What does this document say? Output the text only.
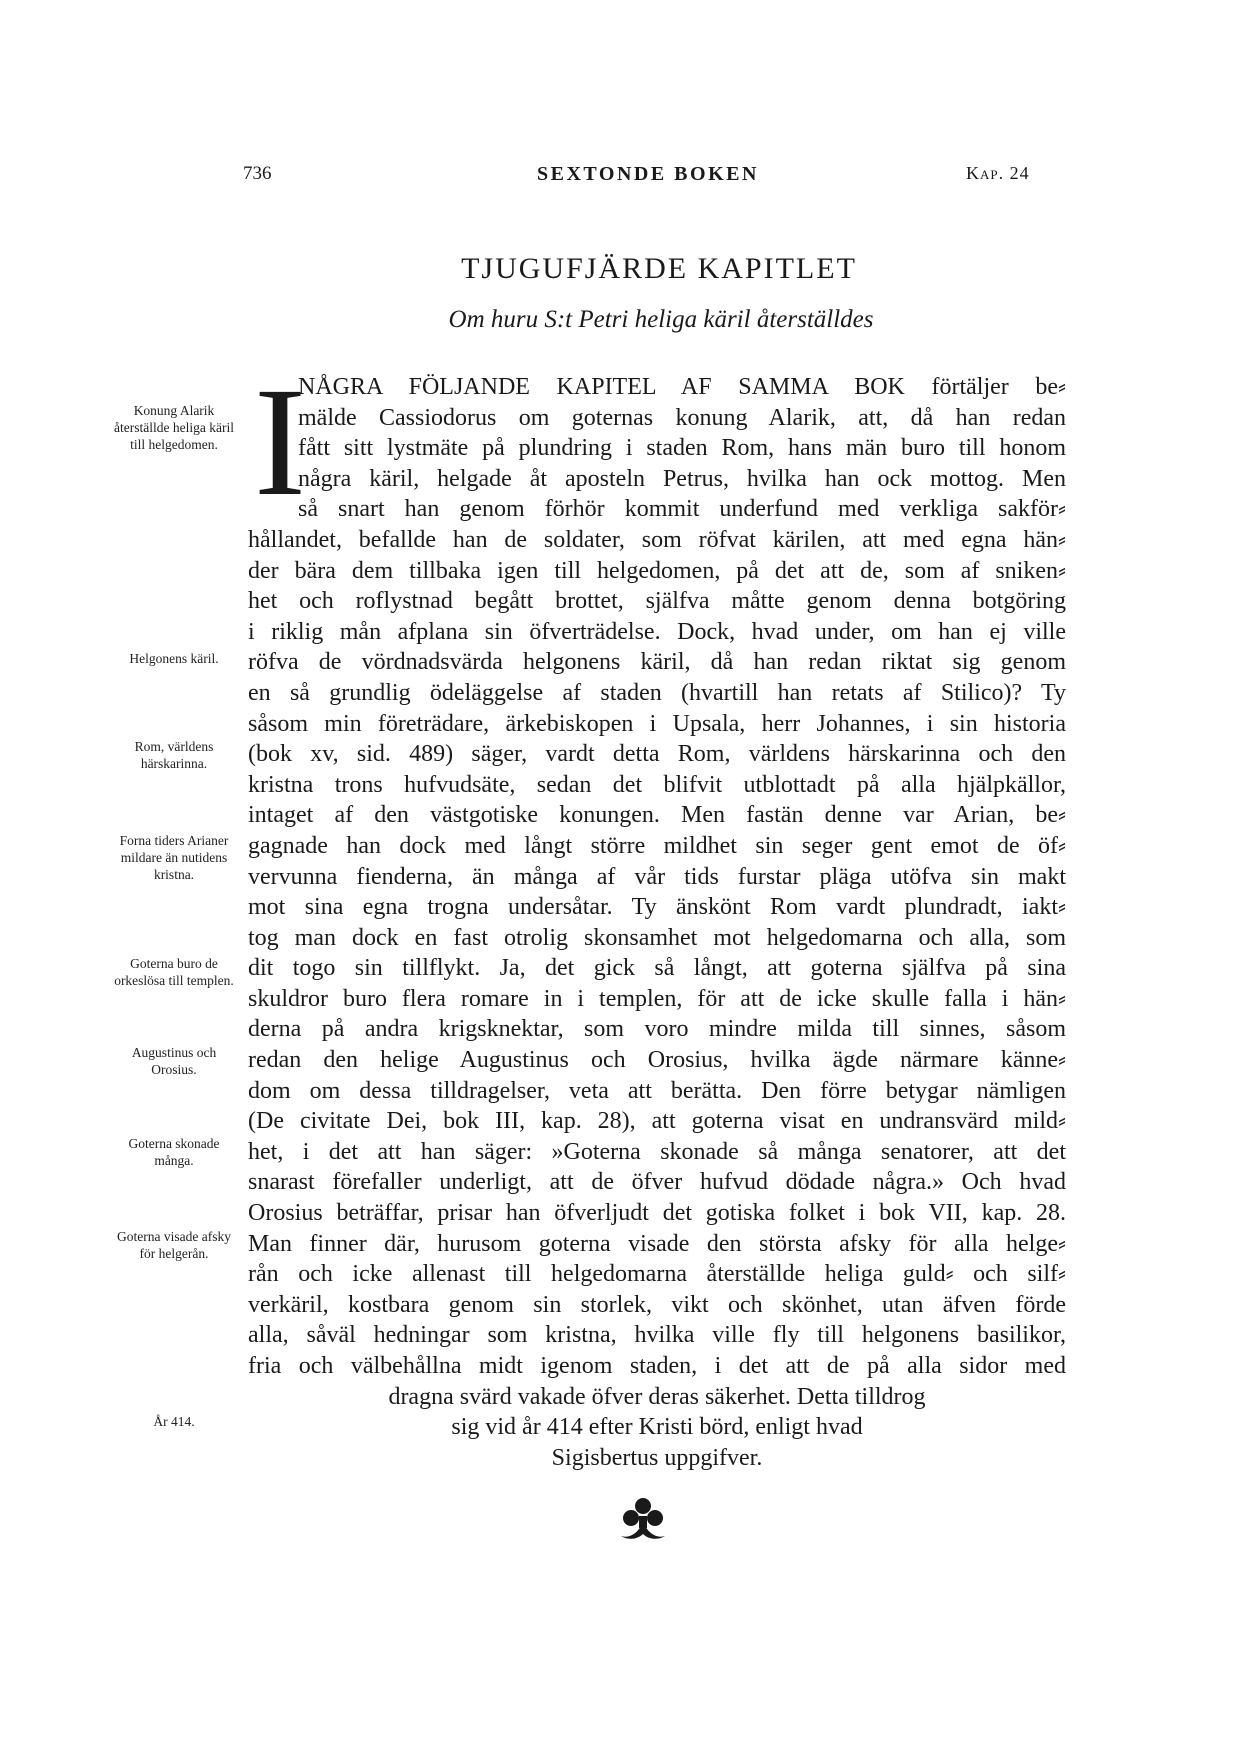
736	SEXTONDE BOKEN	Kap. 24
TJUGUFJÄRDE KAPITLET
Om huru S:t Petri heliga käril återställdes
I
NÅGRA FÖLJANDE KAPITEL AF SAMMA BOK förtäljer be⸗
mälde Cassiodorus om goternas konung Alarik, att, då han redan
fått sitt lystmäte på plundring i staden Rom, hans män buro till honom
några käril, helgade åt aposteln Petrus, hvilka han ock mottog. Men
så snart han genom förhör kommit underfund med verkliga sakför⸗
hållandet, befallde han de soldater, som röfvat kärilen, att med egna hän⸗
der bära dem tillbaka igen till helgedomen, på det att de, som af sniken⸗
het och roflystnad begått brottet, själfva måtte genom denna botgöring
i riklig mån afplana sin öfverträdelse. Dock, hvad under, om han ej ville
röfva de vördnadsvärda helgonens käril, då han redan riktat sig genom
en så grundlig ödeläggelse af staden (hvartill han retats af Stilico)? Ty
såsom min företrädare, ärkebiskopen i Upsala, herr Johannes, i sin historia
(bok xv, sid. 489) säger, vardt detta Rom, världens härskarinna och den
kristna trons hufvudsäte, sedan det blifvit utblottadt på alla hjälpkällor,
intaget af den västgotiske konungen. Men fastän denne var Arian, be⸗
gagnade han dock med långt större mildhet sin seger gent emot de öf⸗
vervunna fienderna, än många af vår tids furstar pläga utöfva sin makt
mot sina egna trogna undersåtar. Ty änskönt Rom vardt plundradt, iakt⸗
tog man dock en fast otrolig skonsamhet mot helgedomarna och alla, som
dit togo sin tillflykt. Ja, det gick så långt, att goterna själfva på sina
skuldror buro flera romare in i templen, för att de icke skulle falla i hän⸗
derna på andra krigsknektar, som voro mindre milda till sinnes, såsom
redan den helige Augustinus och Orosius, hvilka ägde närmare känne⸗
dom om dessa tilldragelser, veta att berätta. Den förre betygar nämligen
(De civitate Dei, bok III, kap. 28), att goterna visat en undransvärd mild⸗
het, i det att han säger: »Goterna skonade så många senatorer, att det
snarast förefaller underligt, att de öfver hufvud dödade några.» Och hvad
Orosius beträffar, prisar han öfverljudt det gotiska folket i bok VII, kap. 28.
Man finner där, hurusom goterna visade den största afsky för alla helge⸗
rån och icke allenast till helgedomarna återställde heliga guld⸗ och silf⸗
verkäril, kostbara genom sin storlek, vikt och skönhet, utan äfven förde
alla, såväl hedningar som kristna, hvilka ville fly till helgonens basilikor,
fria och välbehållna midt igenom staden, i det att de på alla sidor med
dragna svärd vakade öfver deras säkerhet. Detta tilldrog
sig vid år 414 efter Kristi börd, enligt hvad
Sigisbertus uppgifver.
Konung Alarik återställde heliga käril till helgedomen.
Helgonens käril.
Rom, världens härskarinna.
Forna tiders Arianer mildare än nutidens kristna.
Goterna buro de orkeslösa till templen.
Augustinus och Orosius.
Goterna skonade många.
Goterna visade afsky för helgerån.
År 414.
